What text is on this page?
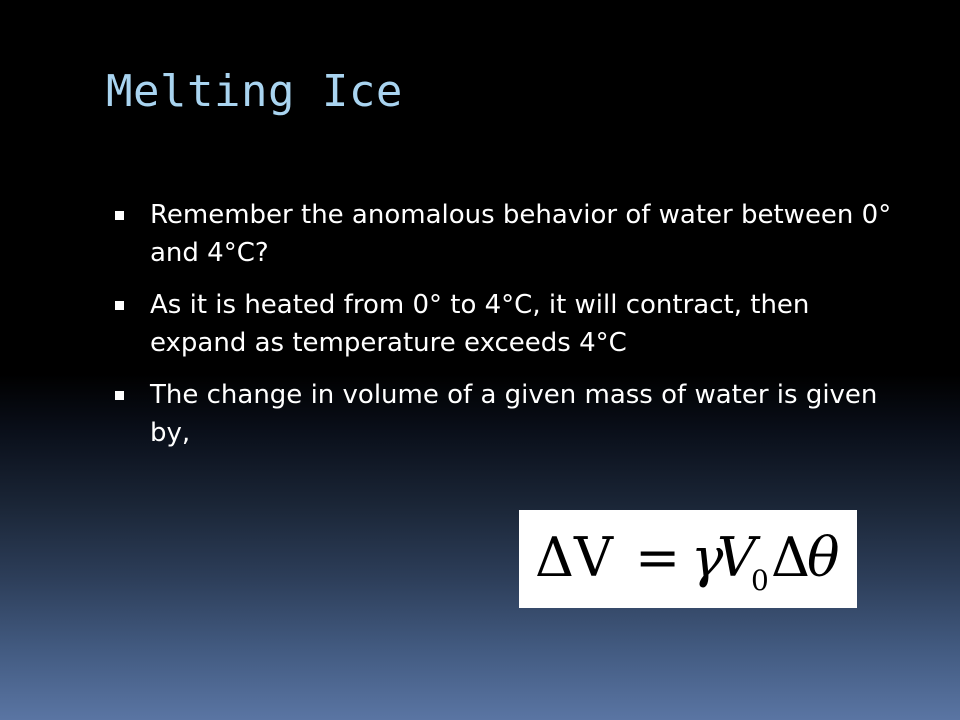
Melting Ice
Remember the anomalous behavior of water between 0° and 4°C?
As it is heated from 0° to 4°C, it will contract, then expand as temperature exceeds 4°C
The change in volume of a given mass of water is given by,
ΔV = γ
V
0 Δ
θ
